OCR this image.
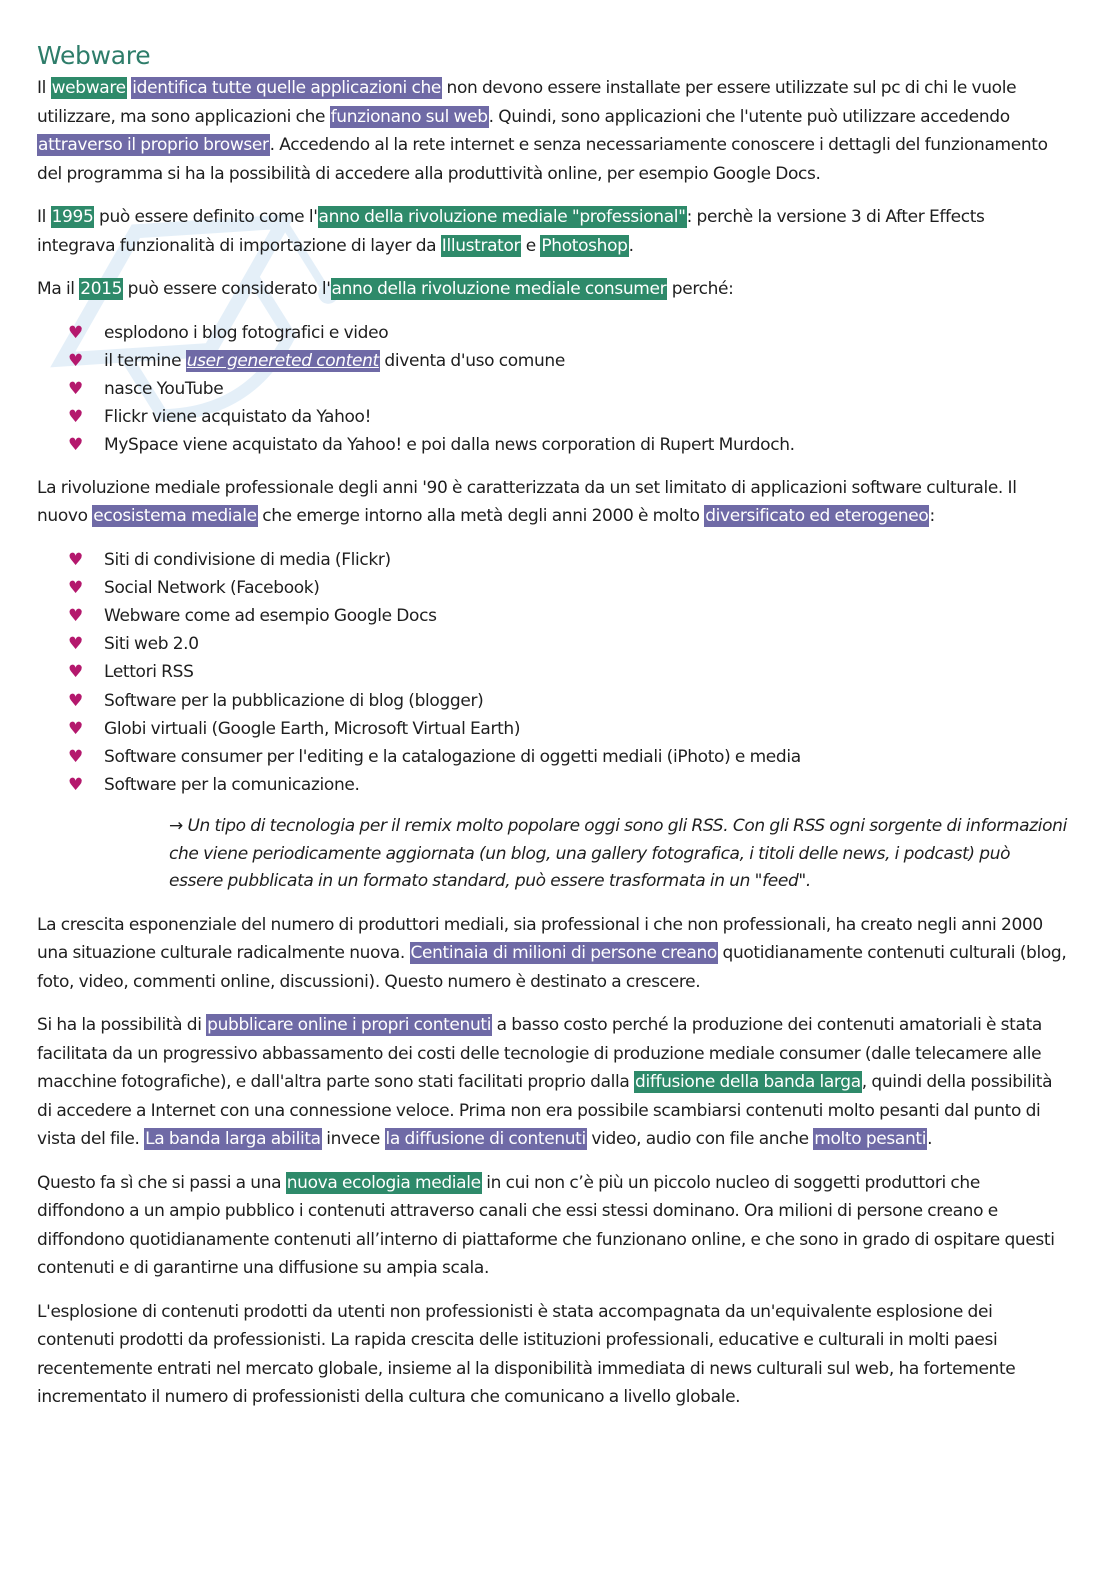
Webware

Il webware identifica tutte quelle applicazioni che non devono essere installate per essere utilizzate sul pc di chi le vuole utilizzare, ma sono applicazioni che funzionano sul web. Quindi, sono applicazioni che l'utente può utilizzare accedendo attraverso il proprio browser. Accedendo al la rete internet e senza necessariamente conoscere i dettagli del funzionamento del programma si ha la possibilità di accedere alla produttività online, per esempio Google Docs.

Il 1995 può essere definito come l'anno della rivoluzione mediale "professional": perchè la versione 3 di After Effects integrava funzionalità di importazione di layer da Illustrator e Photoshop.

Ma il 2015 può essere considerato l'anno della rivoluzione mediale consumer perché:

♥ esplodono i blog fotografici e video
♥ il termine user genereted content diventa d'uso comune
♥ nasce YouTube
♥ Flickr viene acquistato da Yahoo!
♥ MySpace viene acquistato da Yahoo! e poi dalla news corporation di Rupert Murdoch.

La rivoluzione mediale professionale degli anni '90 è caratterizzata da un set limitato di applicazioni software culturale. Il nuovo ecosistema mediale che emerge intorno alla metà degli anni 2000 è molto diversificato ed eterogeneo:

♥ Siti di condivisione di media (Flickr)
♥ Social Network (Facebook)
♥ Webware come ad esempio Google Docs
♥ Siti web 2.0
♥ Lettori RSS
♥ Software per la pubblicazione di blog (blogger)
♥ Globi virtuali (Google Earth, Microsoft Virtual Earth)
♥ Software consumer per l'editing e la catalogazione di oggetti mediali (iPhoto) e media
♥ Software per la comunicazione.

→ Un tipo di tecnologia per il remix molto popolare oggi sono gli RSS. Con gli RSS ogni sorgente di informazioni che viene periodicamente aggiornata (un blog, una gallery fotografica, i titoli delle news, i podcast) può essere pubblicata in un formato standard, può essere trasformata in un "feed".

La crescita esponenziale del numero di produttori mediali, sia professional i che non professionali, ha creato negli anni 2000 una situazione culturale radicalmente nuova. Centinaia di milioni di persone creano quotidianamente contenuti culturali (blog, foto, video, commenti online, discussioni). Questo numero è destinato a crescere.

Si ha la possibilità di pubblicare online i propri contenuti a basso costo perché la produzione dei contenuti amatoriali è stata facilitata da un progressivo abbassamento dei costi delle tecnologie di produzione mediale consumer (dalle telecamere alle macchine fotografiche), e dall'altra parte sono stati facilitati proprio dalla diffusione della banda larga, quindi della possibilità di accedere a Internet con una connessione veloce. Prima non era possibile scambiarsi contenuti molto pesanti dal punto di vista del file. La banda larga abilita invece la diffusione di contenuti video, audio con file anche molto pesanti.

Questo fa sì che si passi a una nuova ecologia mediale in cui non c’è più un piccolo nucleo di soggetti produttori che diffondono a un ampio pubblico i contenuti attraverso canali che essi stessi dominano. Ora milioni di persone creano e diffondono quotidianamente contenuti all’interno di piattaforme che funzionano online, e che sono in grado di ospitare questi contenuti e di garantirne una diffusione su ampia scala.

L'esplosione di contenuti prodotti da utenti non professionisti è stata accompagnata da un'equivalente esplosione dei contenuti prodotti da professionisti. La rapida crescita delle istituzioni professionali, educative e culturali in molti paesi recentemente entrati nel mercato globale, insieme al la disponibilità immediata di news culturali sul web, ha fortemente incrementato il numero di professionisti della cultura che comunicano a livello globale.
